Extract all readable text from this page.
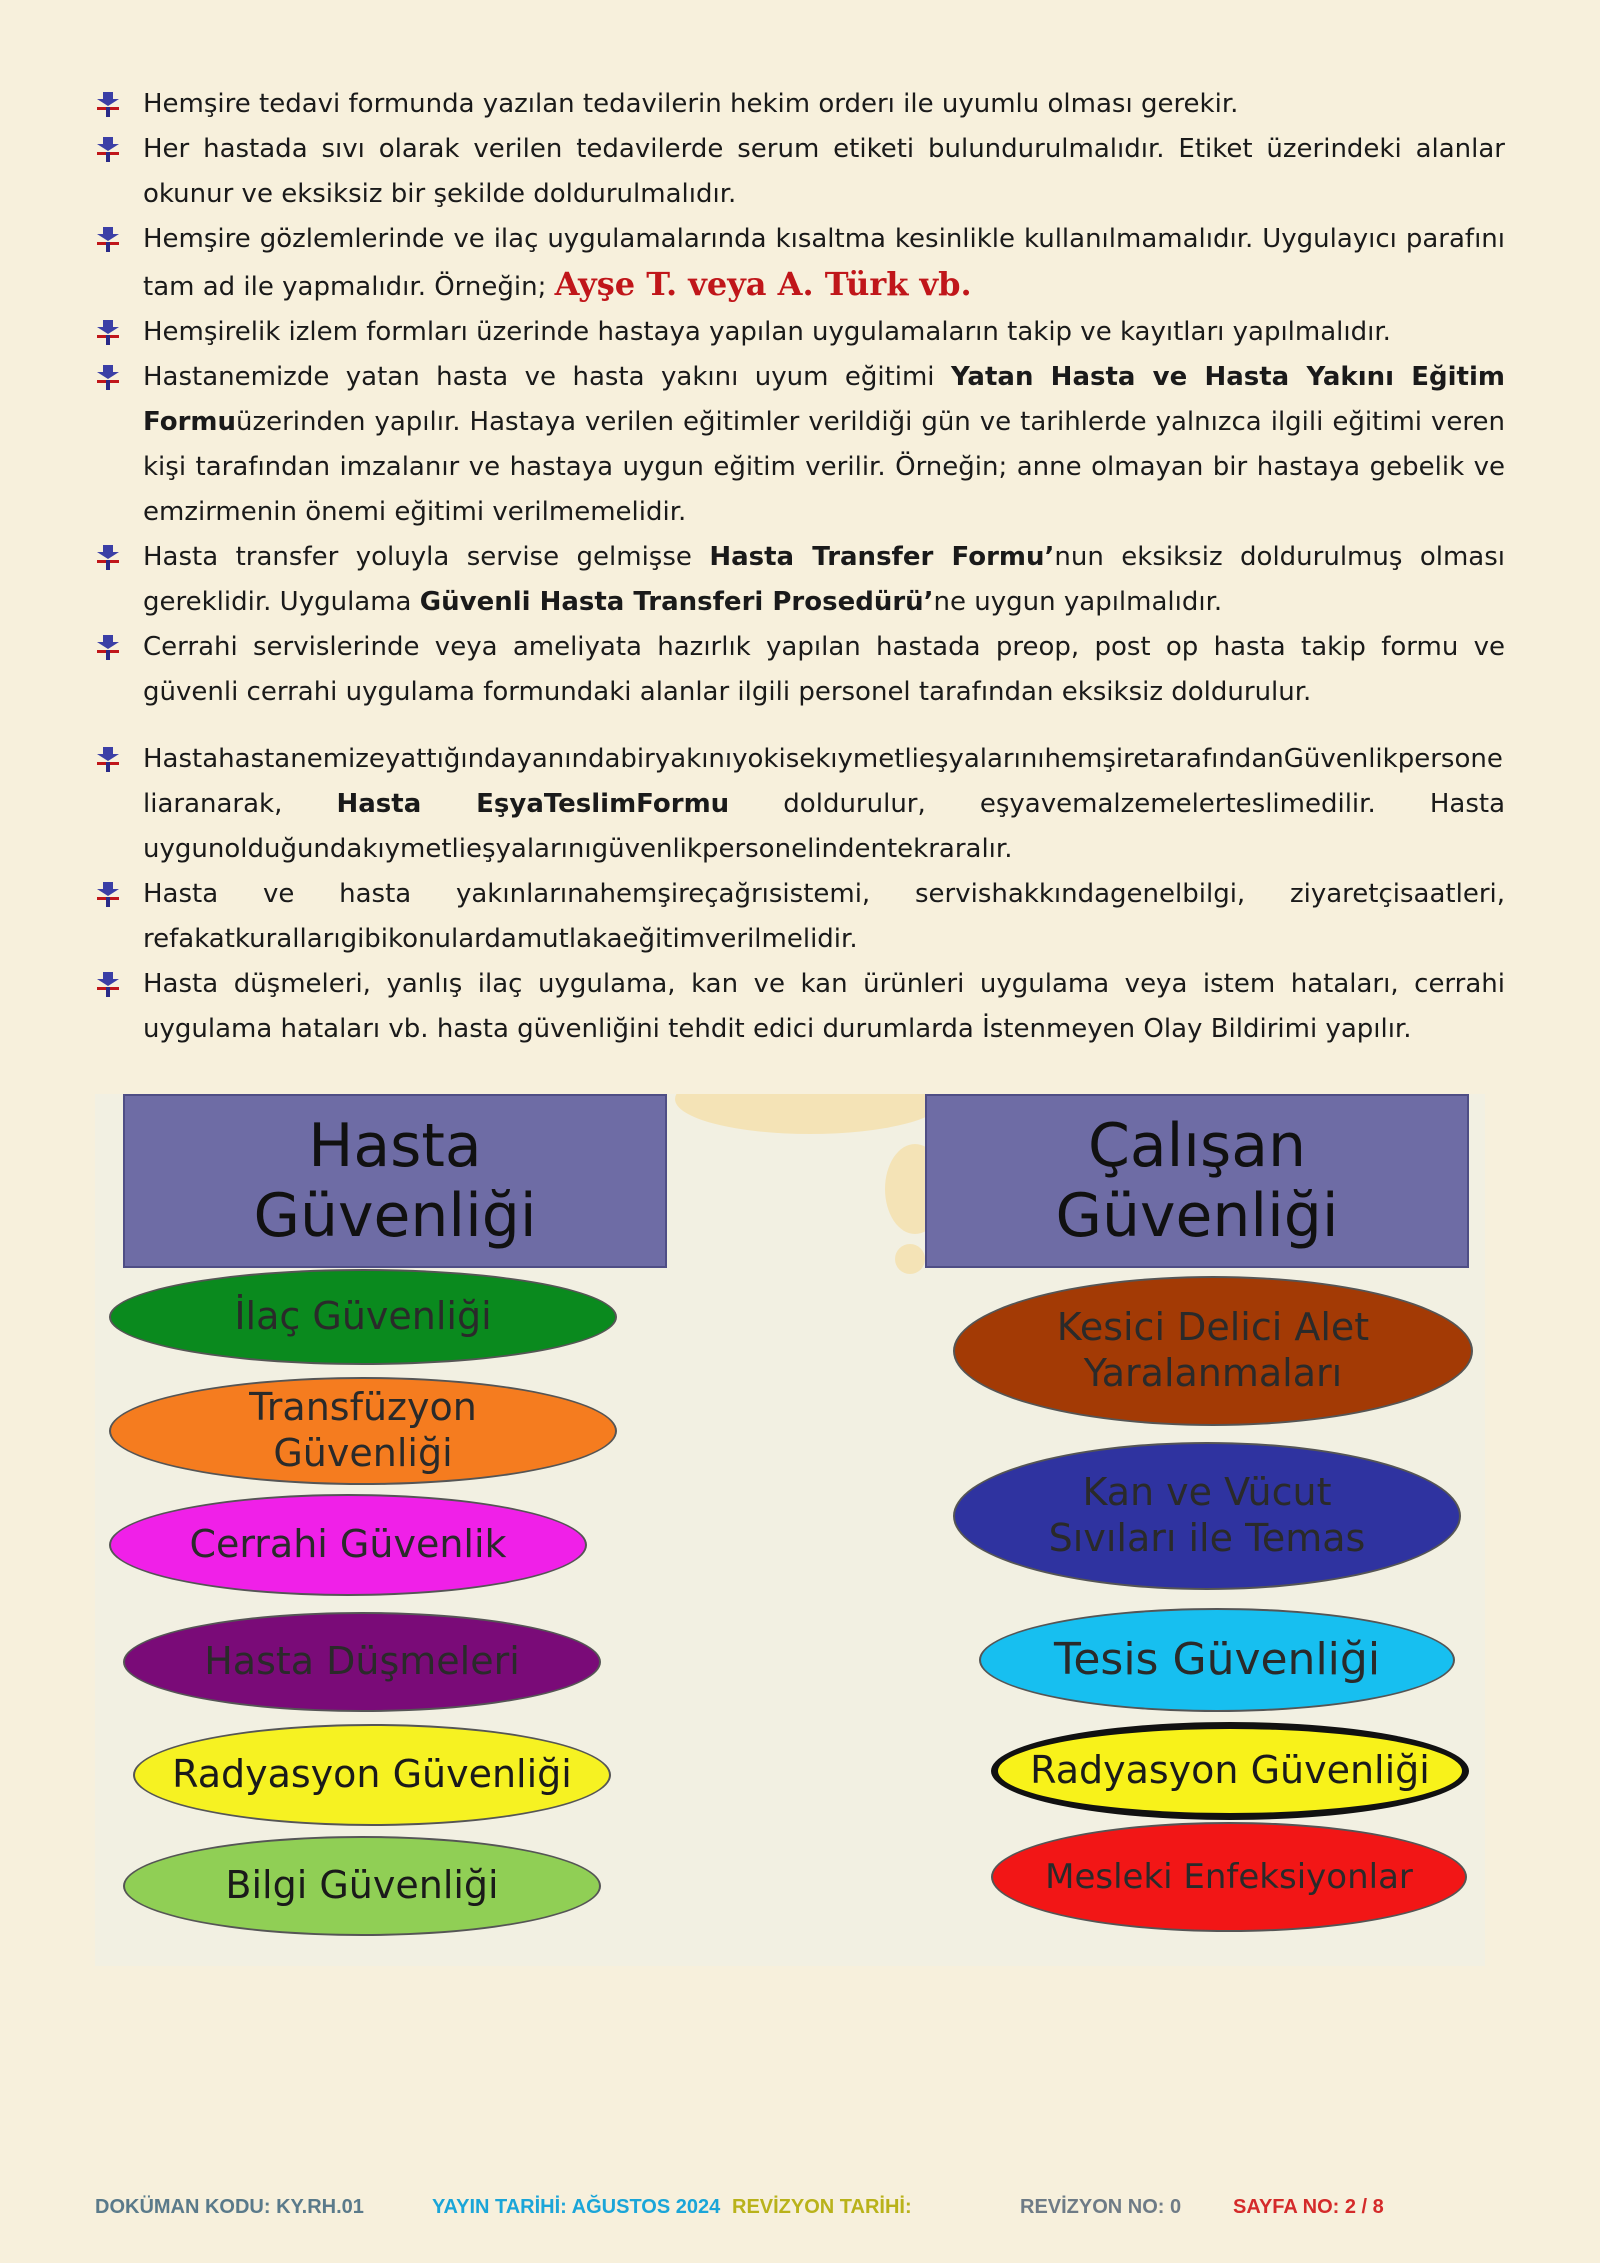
Hemşire tedavi formunda yazılan tedavilerin hekim orderı ile uyumlu olması gerekir.
Her hastada sıvı olarak verilen tedavilerde serum etiketi bulundurulmalıdır. Etiket üzerindeki alanlar okunur ve eksiksiz bir şekilde doldurulmalıdır.
Hemşire gözlemlerinde ve ilaç uygulamalarında kısaltma kesinlikle kullanılmamalıdır. Uygulayıcı parafını tam ad ile yapmalıdır. Örneğin; Ayşe T. veya A. Türk vb.
Hemşirelik izlem formları üzerinde hastaya yapılan uygulamaların takip ve kayıtları yapılmalıdır.
Hastanemizde yatan hasta ve hasta yakını uyum eğitimi Yatan Hasta ve Hasta Yakını Eğitim Formuüzerinden yapılır. Hastaya verilen eğitimler verildiği gün ve tarihlerde yalnızca ilgili eğitimi veren kişi tarafından imzalanır ve hastaya uygun eğitim verilir. Örneğin; anne olmayan bir hastaya gebelik ve emzirmenin önemi eğitimi verilmemelidir.
Hasta transfer yoluyla servise gelmişse Hasta Transfer Formu’nun eksiksiz doldurulmuş olması gereklidir. Uygulama Güvenli Hasta Transferi Prosedürü’ne uygun yapılmalıdır.
Cerrahi servislerinde veya ameliyata hazırlık yapılan hastada preop, post op hasta takip formu ve güvenli cerrahi uygulama formundaki alanlar ilgili personel tarafından eksiksiz doldurulur.
HastahastanemizeyattığındayanındabiryakınıyokisekıymetlieşyalarınıhemşiretarafındanGüvenlikpersone liaranarak, Hasta EşyaTeslimFormu doldurulur, eşyavemalzemelerteslimedilir. Hasta uygunolduğundakıymetlieşyalarınıgüvenlikpersonelindentekraralır.
Hasta ve hasta yakınlarınahemşireçağrısistemi, servishakkındagenelbilgi, ziyaretçisaatleri, refakatkurallarıgibikonulardamutlakaeğitimverilmelidir.
Hasta düşmeleri, yanlış ilaç uygulama, kan ve kan ürünleri uygulama veya istem hataları, cerrahi uygulama hataları vb. hasta güvenliğini tehdit edici durumlarda İstenmeyen Olay Bildirimi yapılır.
Hasta
Güvenliği
Çalışan
Güvenliği
İlaç Güvenliği
Transfüzyon
Güvenliği
Cerrahi Güvenlik
Hasta Düşmeleri
Radyasyon Güvenliği
Bilgi Güvenliği
Kesici Delici Alet
Yaralanmaları
Kan ve Vücut
Sıvıları ile Temas
Tesis Güvenliği
Radyasyon Güvenliği
Mesleki Enfeksiyonlar
DOKÜMAN KODU: KY.RH.01	YAYIN TARİHİ: AĞUSTOS 2024 REVİZYON TARİHİ:	REVİZYON NO: 0	SAYFA NO: 2 / 8
